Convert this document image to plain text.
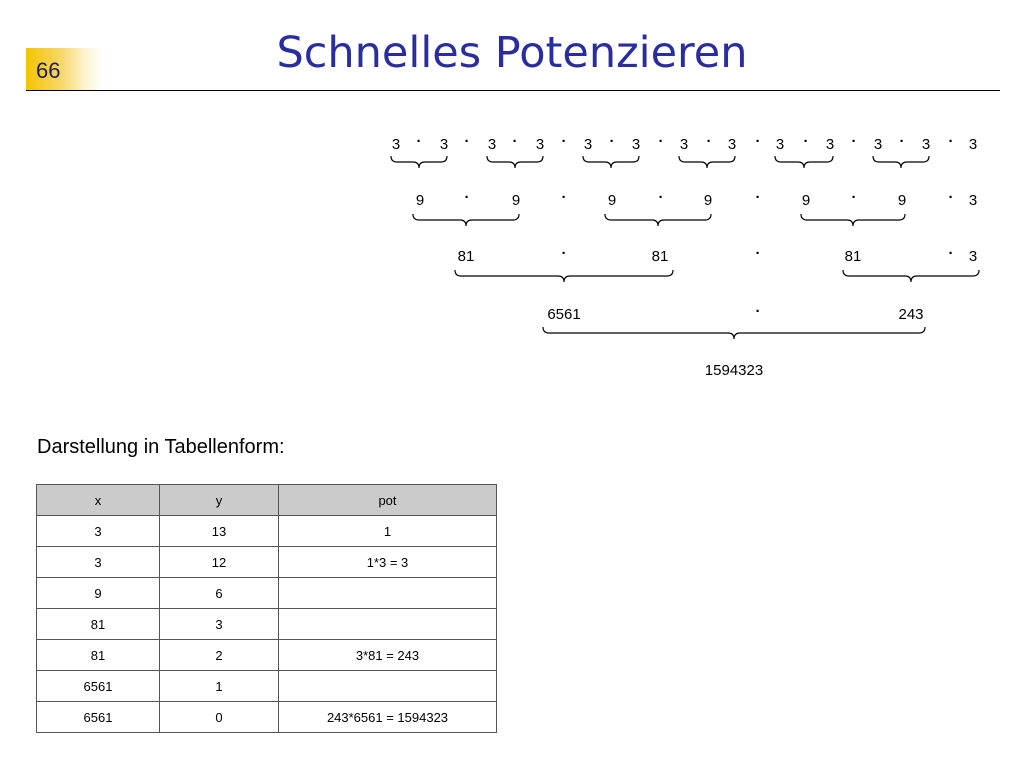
66	Schnelles Potenzieren
3	3	3	3	3	3	3	3	3	3	3	3	3
·	·	·	·	·	·	·	·	·	·	·	·
9	9	9	9	9	9	3
·	·	·	·	·	·
81	81	81	3
·	·	·
6561	243
·
1594323
Darstellung in Tabellenform:
x	y	pot
3	13	1
3	12	1*3 = 3
9	6	
81	3	
81	2	3*81 = 243
6561	1	
6561	0	243*6561 = 1594323
